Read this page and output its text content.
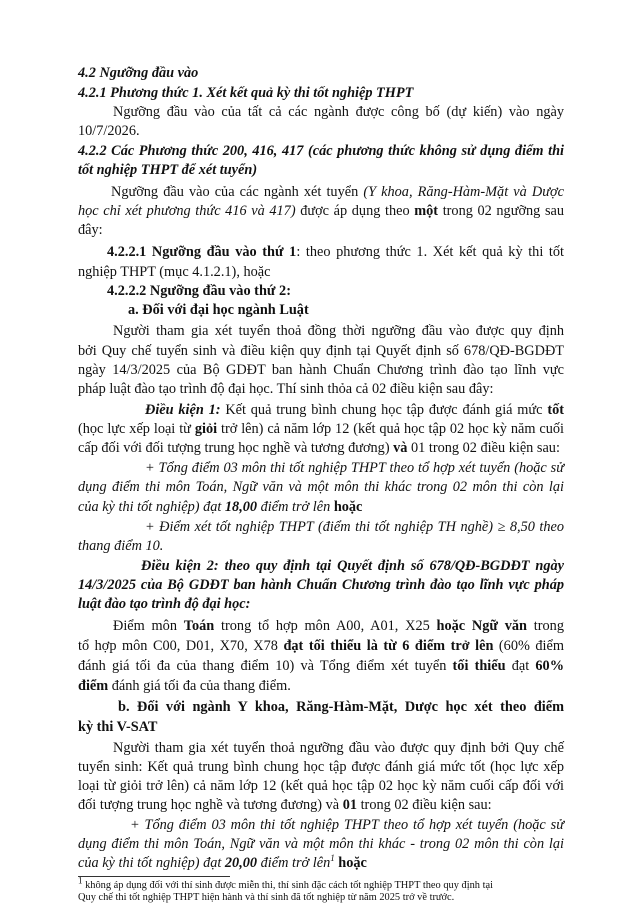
4.2 Ngưỡng đầu vào
4.2.1 Phương thức 1. Xét kết quả kỳ thi tốt nghiệp THPT
Ngưỡng đầu vào của tất cả các ngành được công bố (dự kiến) vào ngày
10/7/2026.
4.2.2 Các Phương thức 200, 416, 417 (các phương thức không sử dụng điểm thi
tốt nghiệp THPT để xét tuyển)
Ngưỡng đầu vào của các ngành xét tuyển (Y khoa, Răng-Hàm-Mặt và Dược
học chỉ xét phương thức 416 và 417) được áp dụng theo một trong 02 ngưỡng sau
đây:
4.2.2.1 Ngưỡng đầu vào thứ 1: theo phương thức 1. Xét kết quả kỳ thi tốt
nghiệp THPT (mục 4.1.2.1), hoặc
4.2.2.2 Ngưỡng đầu vào thứ 2:
a. Đối với đại học ngành Luật
Người tham gia xét tuyển thoả đồng thời ngưỡng đầu vào được quy định
bởi Quy chế tuyển sinh và điều kiện quy định tại Quyết định số 678/QĐ-BGDĐT
ngày 14/3/2025 của Bộ GDĐT ban hành Chuẩn Chương trình đào tạo lĩnh vực
pháp luật đào tạo trình độ đại học. Thí sinh thỏa cả 02 điều kiện sau đây:
Điều kiện 1: Kết quả trung bình chung học tập được đánh giá mức tốt
(học lực xếp loại từ giỏi trở lên) cả năm lớp 12 (kết quả học tập 02 học kỳ năm cuối
cấp đối với đối tượng trung học nghề và tương đương) và 01 trong 02 điều kiện sau:
+ Tổng điểm 03 môn thi tốt nghiệp THPT theo tổ hợp xét tuyển (hoặc sử
dụng điểm thi môn Toán, Ngữ văn và một môn thi khác trong 02 môn thi còn lại
của kỳ thi tốt nghiệp) đạt 18,00 điểm trở lên hoặc
+ Điểm xét tốt nghiệp THPT (điểm thi tốt nghiệp TH nghề) ≥ 8,50 theo
thang điểm 10.
Điều kiện 2: theo quy định tại Quyết định số 678/QĐ-BGDĐT ngày
14/3/2025 của Bộ GDĐT ban hành Chuẩn Chương trình đào tạo lĩnh vực pháp
luật đào tạo trình độ đại học:
Điểm môn Toán trong tổ hợp môn A00, A01, X25 hoặc Ngữ văn trong
tổ hợp môn C00, D01, X70, X78 đạt tối thiểu là từ 6 điểm trở lên (60% điểm
đánh giá tối đa của thang điểm 10) và Tổng điểm xét tuyển tối thiểu đạt 60%
điểm đánh giá tối đa của thang điểm.
b. Đối với ngành Y khoa, Răng-Hàm-Mặt, Dược học xét theo điểm
kỳ thi V-SAT
Người tham gia xét tuyển thoả ngưỡng đầu vào được quy định bởi Quy chế
tuyển sinh: Kết quả trung bình chung học tập được đánh giá mức tốt (học lực xếp
loại từ giỏi trở lên) cả năm lớp 12 (kết quả học tập 02 học kỳ năm cuối cấp đối với
đối tượng trung học nghề và tương đương) và 01 trong 02 điều kiện sau:
+ Tổng điểm 03 môn thi tốt nghiệp THPT theo tổ hợp xét tuyển (hoặc sử
dụng điểm thi môn Toán, Ngữ văn và một môn thi khác - trong 02 môn thi còn lại
của kỳ thi tốt nghiệp) đạt 20,00 điểm trở lên$^1$ hoặc
$^1$ không áp dụng đối với thí sinh được miễn thi, thí sinh đặc cách tốt nghiệp THPT theo quy định tại
Quy chế thi tốt nghiệp THPT hiện hành và thí sinh đã tốt nghiệp từ năm 2025 trở về trước.
